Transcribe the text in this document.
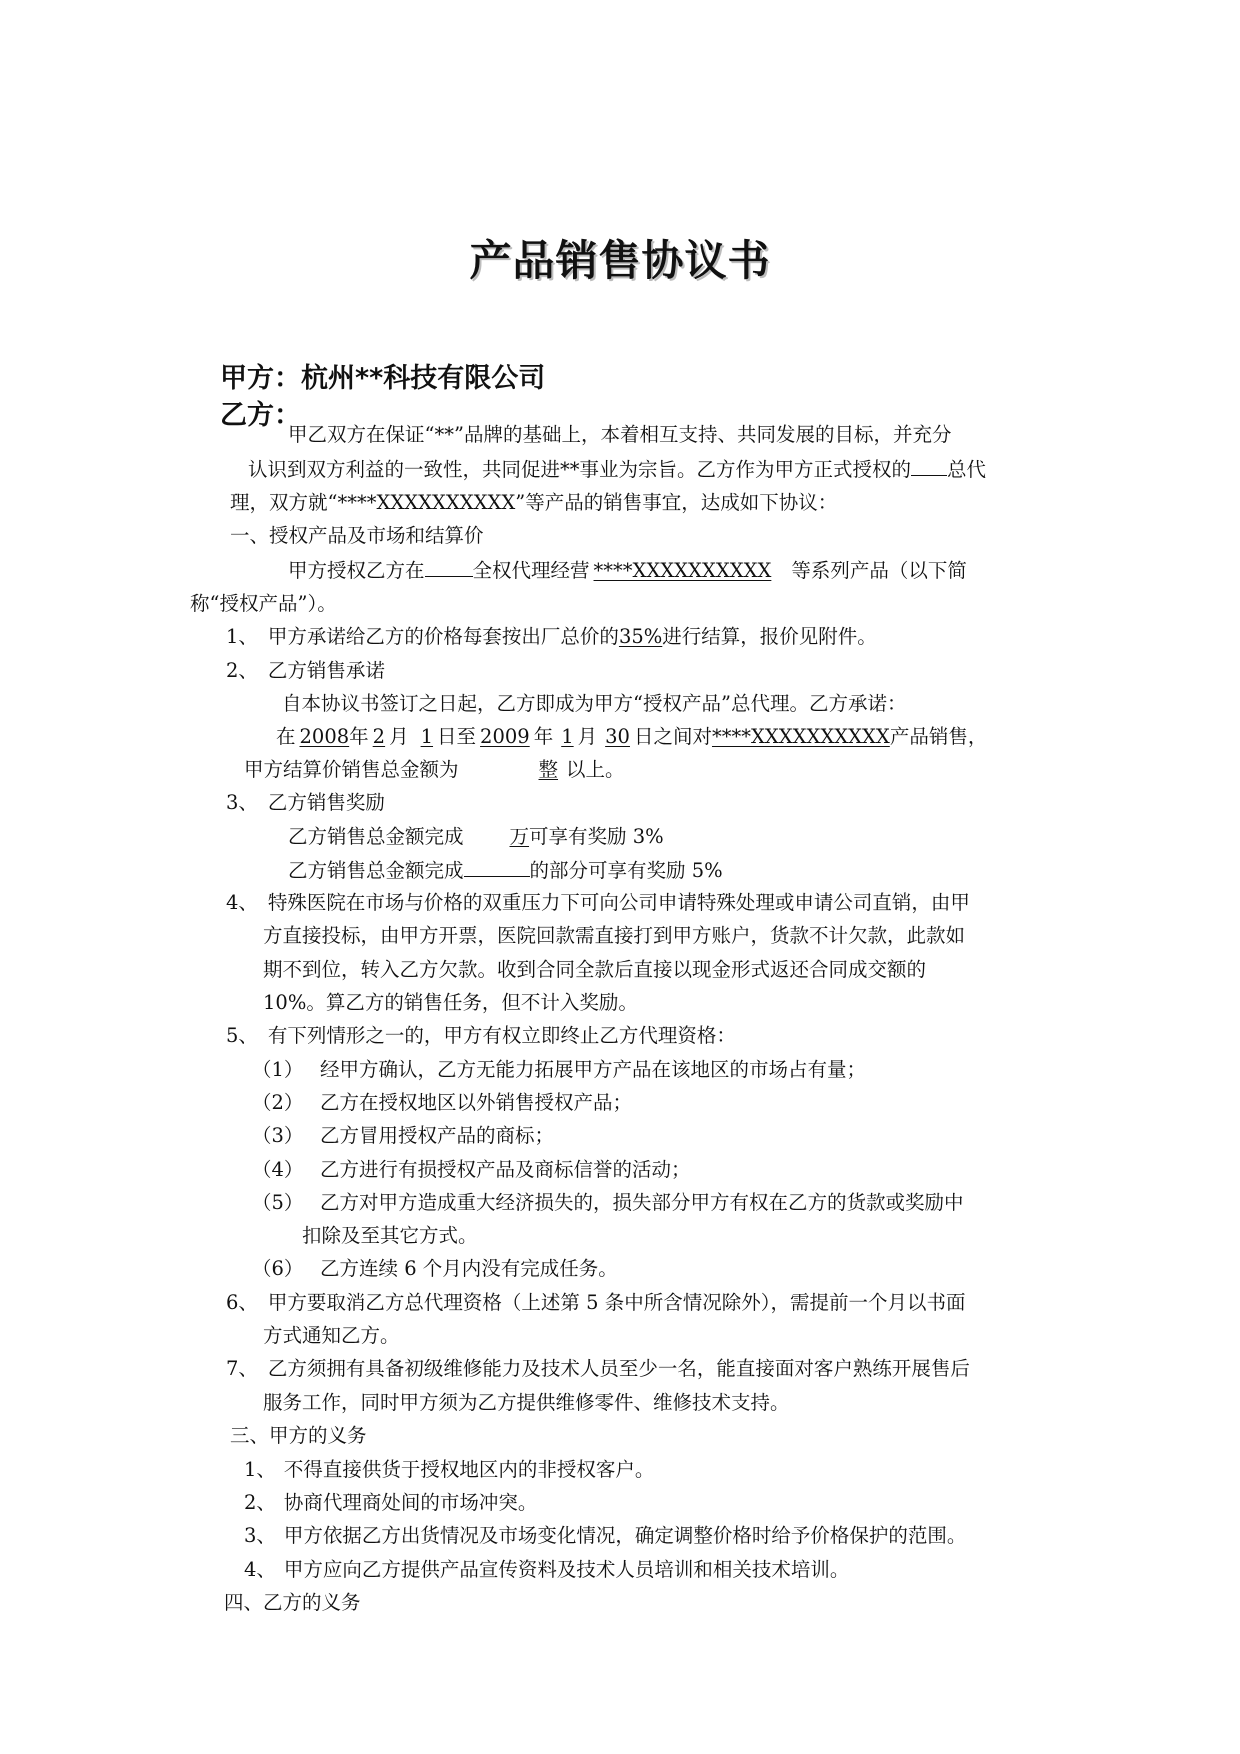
产品销售协议书
甲方：杭州**科技有限公司
乙方：
甲乙双方在保证“**”品牌的基础上，本着相互支持、共同发展的目标，并充分
认识到双方利益的一致性，共同促进**事业为宗旨。乙方作为甲方正式授权的 总代
理，双方就“****XXXXXXXXXX”等产品的销售事宜，达成如下协议：
一、授权产品及市场和结算价
甲方授权乙方在 全权代理经营 ****XXXXXXXXXX 等系列产品（以下简
称“授权产品”）。
1、 甲方承诺给乙方的价格每套按出厂总价的35%进行结算，报价见附件。
2、 乙方销售承诺
自本协议书签订之日起，乙方即成为甲方“授权产品”总代理。乙方承诺：
在 2008年 2 月 1 日至 2009 年 1 月 30 日之间对****XXXXXXXXXX产品销售，
甲方结算价销售总金额为	整 以上。
3、 乙方销售奖励
乙方销售总金额完成 万可享有奖励 3%
乙方销售总金额完成	的部分可享有奖励 5%
4、 特殊医院在市场与价格的双重压力下可向公司申请特殊处理或申请公司直销，由甲
方直接投标，由甲方开票，医院回款需直接打到甲方账户，货款不计欠款，此款如
期不到位，转入乙方欠款。收到合同全款后直接以现金形式返还合同成交额的
10%。算乙方的销售任务，但不计入奖励。
5、 有下列情形之一的，甲方有权立即终止乙方代理资格：
（1） 经甲方确认，乙方无能力拓展甲方产品在该地区的市场占有量；
（2） 乙方在授权地区以外销售授权产品；
（3） 乙方冒用授权产品的商标；
（4） 乙方进行有损授权产品及商标信誉的活动；
（5） 乙方对甲方造成重大经济损失的，损失部分甲方有权在乙方的货款或奖励中
扣除及至其它方式。
（6） 乙方连续 6 个月内没有完成任务。
6、 甲方要取消乙方总代理资格（上述第 5 条中所含情况除外），需提前一个月以书面
方式通知乙方。
7、 乙方须拥有具备初级维修能力及技术人员至少一名，能直接面对客户熟练开展售后
服务工作，同时甲方须为乙方提供维修零件、维修技术支持。
三、甲方的义务
1、 不得直接供货于授权地区内的非授权客户。
2、 协商代理商处间的市场冲突。
3、 甲方依据乙方出货情况及市场变化情况，确定调整价格时给予价格保护的范围。
4、 甲方应向乙方提供产品宣传资料及技术人员培训和相关技术培训。
四、乙方的义务
